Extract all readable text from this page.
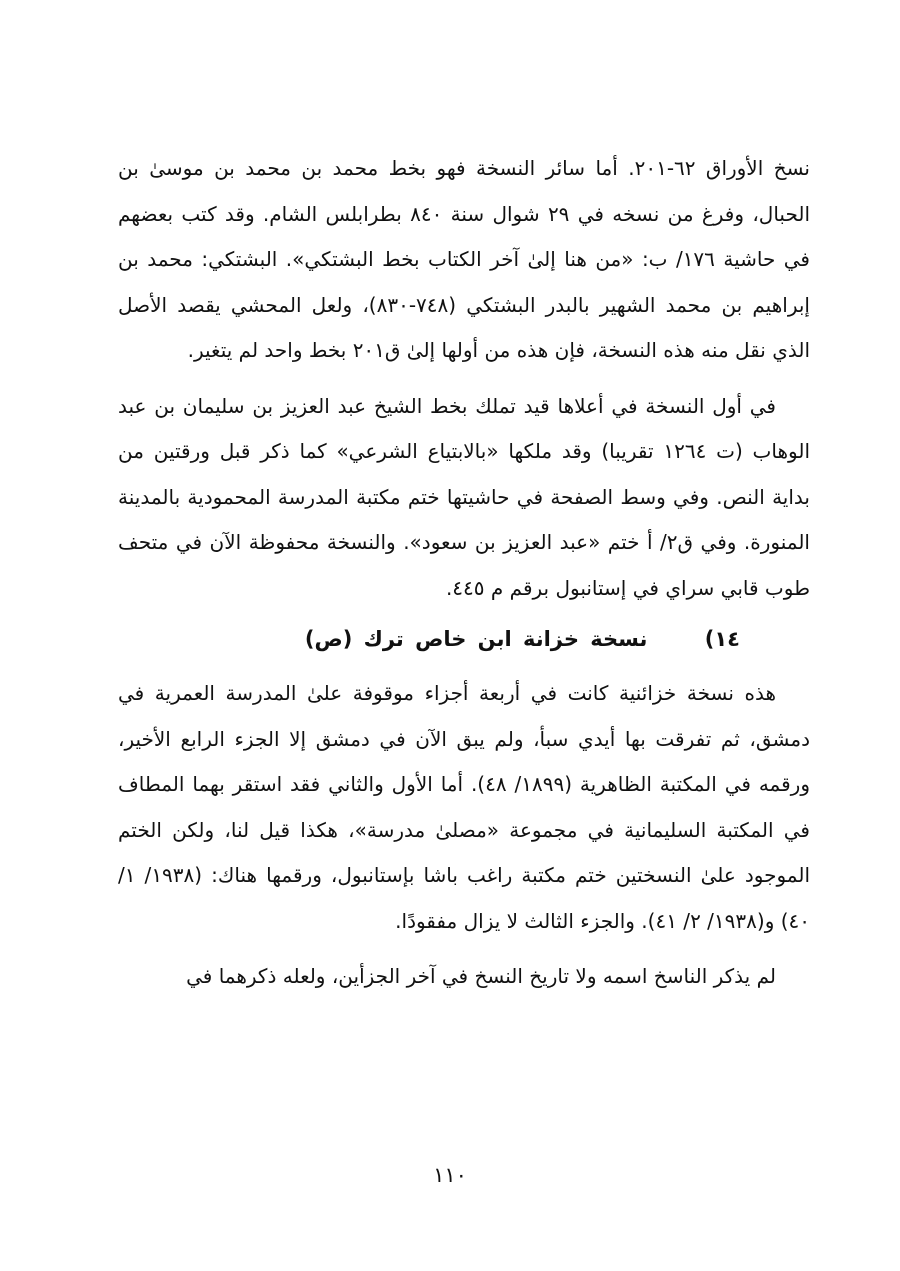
نسخ الأوراق ٦٢-٢٠١. أما سائر النسخة فهو بخط محمد بن محمد بن موسىٰ بن الحبال، وفرغ من نسخه في ٢٩ شوال سنة ٨٤٠ بطرابلس الشام. وقد كتب بعضهم في حاشية ١٧٦/ ب: «من هنا إلىٰ آخر الكتاب بخط البشتكي». البشتكي: محمد بن إبراهيم بن محمد الشهير بالبدر البشتكي (٧٤٨-٨٣٠)، ولعل المحشي يقصد الأصل الذي نقل منه هذه النسخة، فإن هذه من أولها إلىٰ ق٢٠١ بخط واحد لم يتغير.

في أول النسخة في أعلاها قيد تملك بخط الشيخ عبد العزيز بن سليمان بن عبد الوهاب (ت ١٢٦٤ تقريبا) وقد ملكها «بالابتياع الشرعي» كما ذكر قبل ورقتين من بداية النص. وفي وسط الصفحة في حاشيتها ختم مكتبة المدرسة المحمودية بالمدينة المنورة. وفي ق٢/ أ ختم «عبد العزيز بن سعود». والنسخة محفوظة الآن في متحف طوب قابي سراي في إستانبول برقم م ٤٤٥.

١٤) نسخة خزانة ابن خاص ترك (ص)

هذه نسخة خزائنية كانت في أربعة أجزاء موقوفة علىٰ المدرسة العمرية في دمشق، ثم تفرقت بها أيدي سبأ، ولم يبق الآن في دمشق إلا الجزء الرابع الأخير، ورقمه في المكتبة الظاهرية (١٨٩٩/ ٤٨). أما الأول والثاني فقد استقر بهما المطاف في المكتبة السليمانية في مجموعة «مصلىٰ مدرسة»، هكذا قيل لنا، ولكن الختم الموجود علىٰ النسختين ختم مكتبة راغب باشا بإستانبول، ورقمها هناك: (١٩٣٨/ ١/ ٤٠) و(١٩٣٨/ ٢/ ٤١). والجزء الثالث لا يزال مفقودًا.

لم يذكر الناسخ اسمه ولا تاريخ النسخ في آخر الجزأين، ولعله ذكرهما في

١١٠
